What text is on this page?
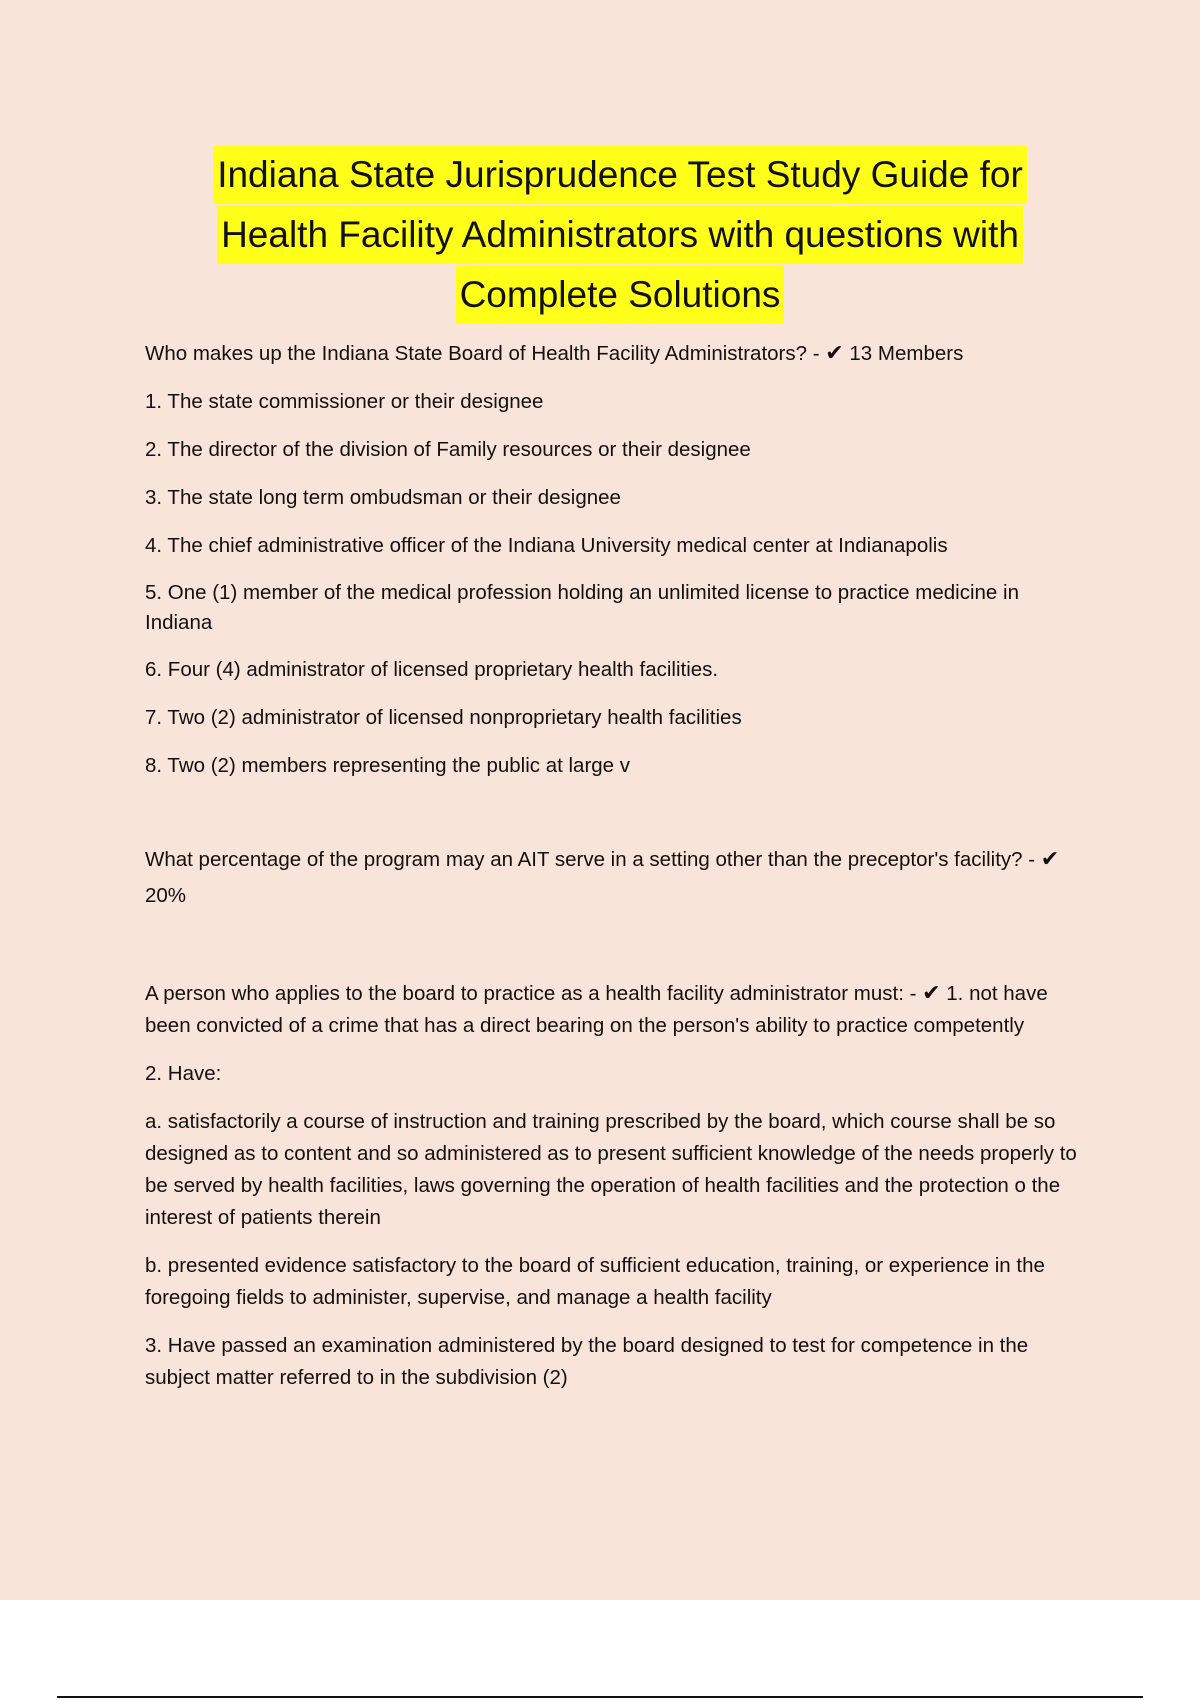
Indiana State Jurisprudence Test Study Guide for
Health Facility Administrators with questions with
Complete Solutions

Who makes up the Indiana State Board of Health Facility Administrators? - ✔ 13 Members

1. The state commissioner or their designee

2. The director of the division of Family resources or their designee

3. The state long term ombudsman or their designee

4. The chief administrative officer of the Indiana University medical center at Indianapolis

5. One (1) member of the medical profession holding an unlimited license to practice medicine in Indiana

6. Four (4) administrator of licensed proprietary health facilities.

7. Two (2) administrator of licensed nonproprietary health facilities

8. Two (2) members representing the public at large v

What percentage of the program may an AIT serve in a setting other than the preceptor's facility? - ✔ 20%

A person who applies to the board to practice as a health facility administrator must: - ✔ 1. not have been convicted of a crime that has a direct bearing on the person's ability to practice competently

2. Have:

a. satisfactorily a course of instruction and training prescribed by the board, which course shall be so designed as to content and so administered as to present sufficient knowledge of the needs properly to be served by health facilities, laws governing the operation of health facilities and the protection o the interest of patients therein

b. presented evidence satisfactory to the board of sufficient education, training, or experience in the foregoing fields to administer, supervise, and manage a health facility

3. Have passed an examination administered by the board designed to test for competence in the subject matter referred to in the subdivision (2)
